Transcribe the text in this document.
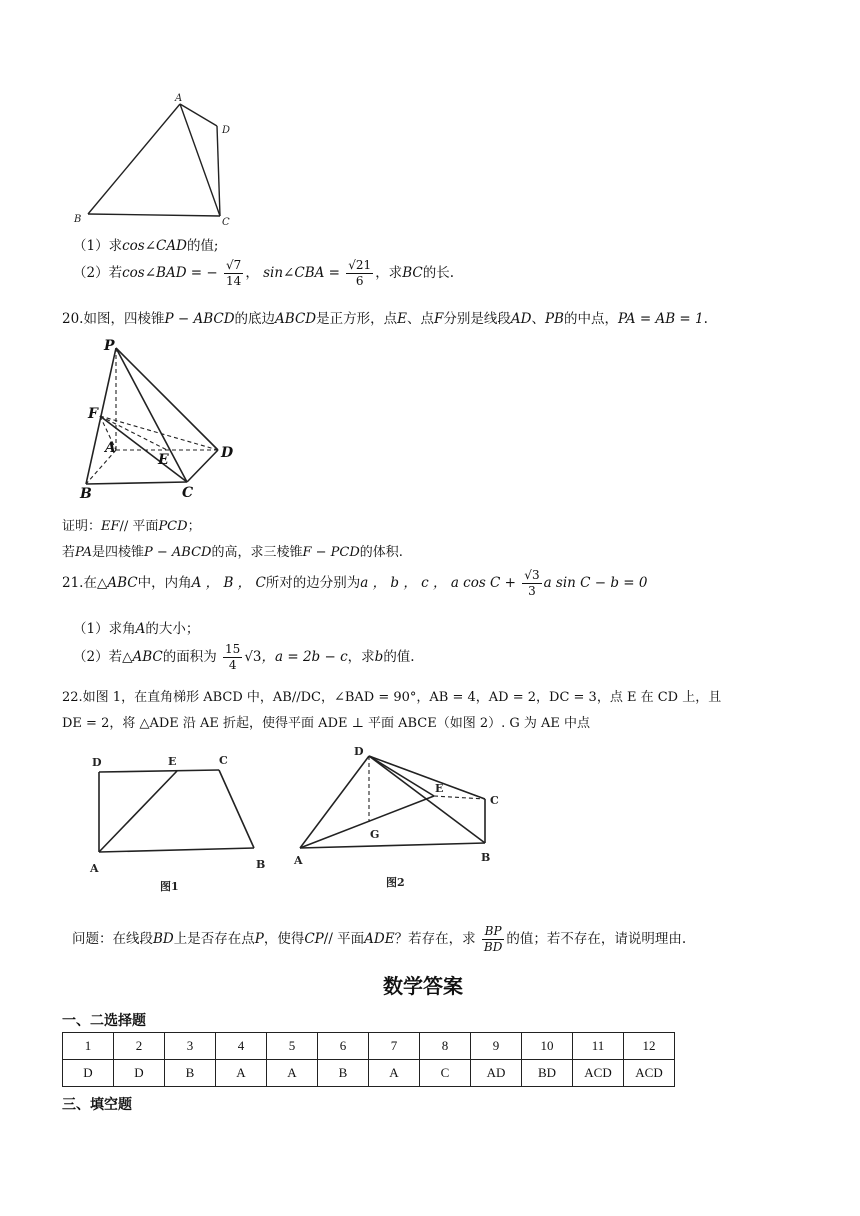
A
D
B	C
（1）求cos∠CAD的值;
（2）若cos∠BAD = − $\frac{√7}{14}$ ， sin∠CBA = $\frac{√21}{6}$ ，求BC的长.
20.如图，四棱锥P − ABCD的底边ABCD是正方形，点E、点F分别是线段AD、PB的中点，PA = AB = 1.
P
F
A
E	D
B	C
证明：EF// 平面PCD；
若PA是四棱锥P − ABCD的高，求三棱锥F − PCD的体积.
21.在△ABC中，内角A ， B ， C所对的边分别为a ， b ， c ， a $\cos C + \frac{√3}{3}$ a sin C − b = 0
（1）求角A的大小；
（2）若△ABC的面积为 $\frac{15}{4} √3$，a = 2b − c，求b的值.
22.如图 1，在直角梯形 ABCD 中，AB//DC，∠BAD = 90°，AB = 4，AD = 2，DC = 3，点 E 在 CD 上，且
DE = 2，将 △ADE 沿 AE 折起，使得平面 ADE ⊥ 平面 ABCE（如图 2）. G 为 AE 中点
D	E	C
A	B
图1
D
E
C
G
A	B
图2
问题：在线段BD上是否存在点P，使得CP// 平面ADE？若存在，求 $\frac{BP}{BD}$ 的值；若不存在，请说明理由.
数学答案
一、二选择题
1	2	3	4	5	6	7	8	9	10	11	12
D	D	B	A	A	B	A	C	AD	BD	ACD	ACD
三、填空题
